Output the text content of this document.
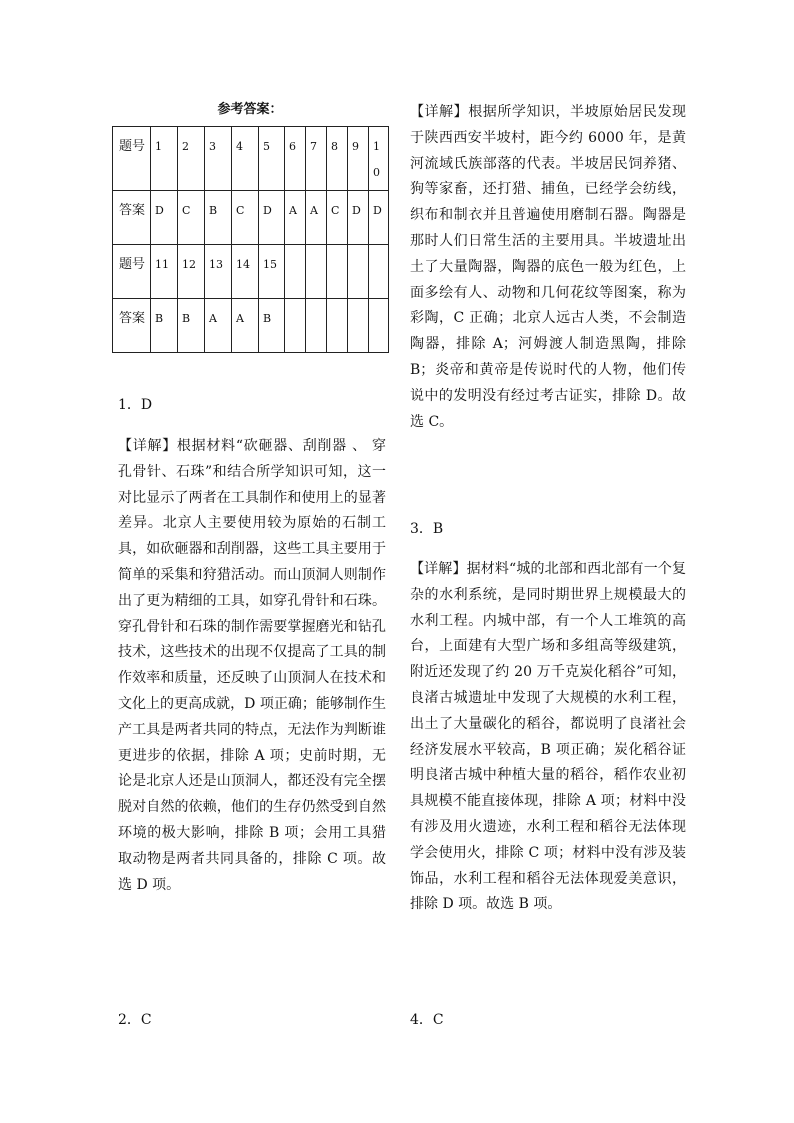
参考答案：
题号	1	2	3	4	5	6	7	8	9	10
答案	D	C	B	C	D	A	A	C	D	D
题号	11	12	13	14	15					
答案	B	B	A	A	B					
1．D
【详解】根据材料“砍砸器、刮削器 、 穿孔骨针、石珠”和结合所学知识可知，这一对比显示了两者在工具制作和使用上的显著差异。北京人主要使用较为原始的石制工具，如砍砸器和刮削器，这些工具主要用于简单的采集和狩猎活动。而山顶洞人则制作出了更为精细的工具，如穿孔骨针和石珠。穿孔骨针和石珠的制作需要掌握磨光和钻孔技术，这些技术的出现不仅提高了工具的制作效率和质量，还反映了山顶洞人在技术和文化上的更高成就，D 项正确；能够制作生产工具是两者共同的特点，无法作为判断谁更进步的依据，排除 A 项；史前时期，无论是北京人还是山顶洞人，都还没有完全摆脱对自然的依赖，他们的生存仍然受到自然环境的极大影响，排除 B 项；会用工具猎取动物是两者共同具备的，排除 C 项。故选 D 项。
2．C
【详解】根据所学知识，半坡原始居民发现于陕西西安半坡村，距今约 6000 年，是黄河流域氏族部落的代表。半坡居民饲养猪、狗等家畜，还打猎、捕鱼，已经学会纺线，织布和制衣并且普遍使用磨制石器。陶器是那时人们日常生活的主要用具。半坡遗址出土了大量陶器，陶器的底色一般为红色，上面多绘有人、动物和几何花纹等图案，称为彩陶，C 正确；北京人远古人类，不会制造陶器，排除 A；河姆渡人制造黑陶，排除 B；炎帝和黄帝是传说时代的人物，他们传说中的发明没有经过考古证实，排除 D。故选 C。
3．B
【详解】据材料“城的北部和西北部有一个复杂的水利系统，是同时期世界上规模最大的水利工程。内城中部，有一个人工堆筑的高台，上面建有大型广场和多组高等级建筑，附近还发现了约 20 万千克炭化稻谷”可知，良渚古城遗址中发现了大规模的水利工程，出土了大量碳化的稻谷，都说明了良渚社会经济发展水平较高，B 项正确；炭化稻谷证明良渚古城中种植大量的稻谷，稻作农业初具规模不能直接体现，排除 A 项；材料中没有涉及用火遗迹，水利工程和稻谷无法体现学会使用火，排除 C 项；材料中没有涉及装饰品，水利工程和稻谷无法体现爱美意识，排除 D 项。故选 B 项。
4．C
